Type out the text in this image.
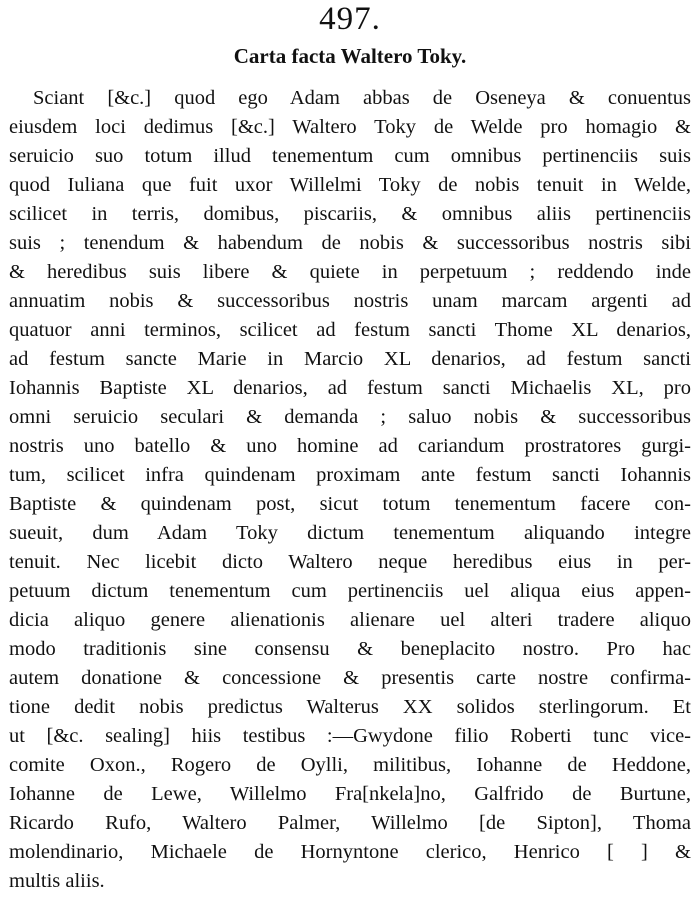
497.
Carta facta Waltero Toky.
Sciant [&c.] quod ego Adam abbas de Oseneya & conuentus
eiusdem loci dedimus [&c.] Waltero Toky de Welde pro homagio &
seruicio suo totum illud tenementum cum omnibus pertinenciis suis
quod Iuliana que fuit uxor Willelmi Toky de nobis tenuit in Welde,
scilicet in terris, domibus, piscariis, & omnibus aliis pertinenciis
suis ; tenendum & habendum de nobis & successoribus nostris sibi
& heredibus suis libere & quiete in perpetuum ; reddendo inde
annuatim nobis & successoribus nostris unam marcam argenti ad
quatuor anni terminos, scilicet ad festum sancti Thome XL denarios,
ad festum sancte Marie in Marcio XL denarios, ad festum sancti
Iohannis Baptiste XL denarios, ad festum sancti Michaelis XL, pro
omni seruicio seculari & demanda ; saluo nobis & successoribus
nostris uno batello & uno homine ad cariandum prostratores gurgi-
tum, scilicet infra quindenam proximam ante festum sancti Iohannis
Baptiste & quindenam post, sicut totum tenementum facere con-
sueuit, dum Adam Toky dictum tenementum aliquando integre
tenuit. Nec licebit dicto Waltero neque heredibus eius in per-
petuum dictum tenementum cum pertinenciis uel aliqua eius appen-
dicia aliquo genere alienationis alienare uel alteri tradere aliquo
modo traditionis sine consensu & beneplacito nostro. Pro hac
autem donatione & concessione & presentis carte nostre confirma-
tione dedit nobis predictus Walterus XX solidos sterlingorum. Et
ut [&c. sealing] hiis testibus :—Gwydone filio Roberti tunc vice-
comite Oxon., Rogero de Oylli, militibus, Iohanne de Heddone,
Iohanne de Lewe, Willelmo Fra[nkela]no, Galfrido de Burtune,
Ricardo Rufo, Waltero Palmer, Willelmo [de Sipton], Thoma
molendinario, Michaele de Hornyntone clerico, Henrico [ ] &
multis aliis.
